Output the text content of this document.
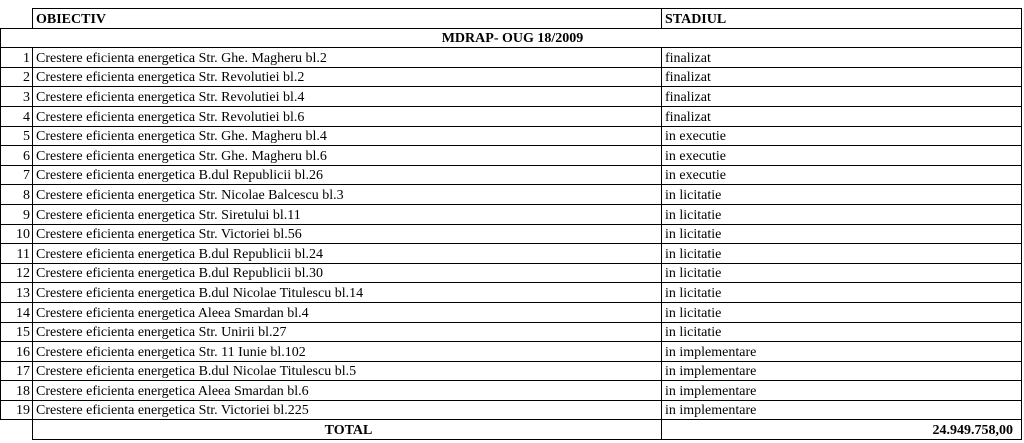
	OBIECTIV	STADIUL
MDRAP- OUG 18/2009		
1	Crestere eficienta energetica Str. Ghe. Magheru bl.2	finalizat
2	Crestere eficienta energetica Str. Revolutiei bl.2	finalizat
3	Crestere eficienta energetica Str. Revolutiei bl.4	finalizat
4	Crestere eficienta energetica Str. Revolutiei bl.6	finalizat
5	Crestere eficienta energetica Str. Ghe. Magheru bl.4	in executie
6	Crestere eficienta energetica Str. Ghe. Magheru bl.6	in executie
7	Crestere eficienta energetica B.dul Republicii bl.26	in executie
8	Crestere eficienta energetica Str. Nicolae Balcescu bl.3	in licitatie
9	Crestere eficienta energetica Str. Siretului bl.11	in licitatie
10	Crestere eficienta energetica Str. Victoriei bl.56	in licitatie
11	Crestere eficienta energetica B.dul Republicii bl.24	in licitatie
12	Crestere eficienta energetica B.dul Republicii bl.30	in licitatie
13	Crestere eficienta energetica B.dul Nicolae Titulescu bl.14	in licitatie
14	Crestere eficienta energetica Aleea Smardan bl.4	in licitatie
15	Crestere eficienta energetica Str. Unirii bl.27	in licitatie
16	Crestere eficienta energetica Str. 11 Iunie bl.102	in implementare
17	Crestere eficienta energetica B.dul Nicolae Titulescu bl.5	in implementare
18	Crestere eficienta energetica Aleea Smardan bl.6	in implementare
19	Crestere eficienta energetica Str. Victoriei bl.225	in implementare
	TOTAL	24.949.758,00
